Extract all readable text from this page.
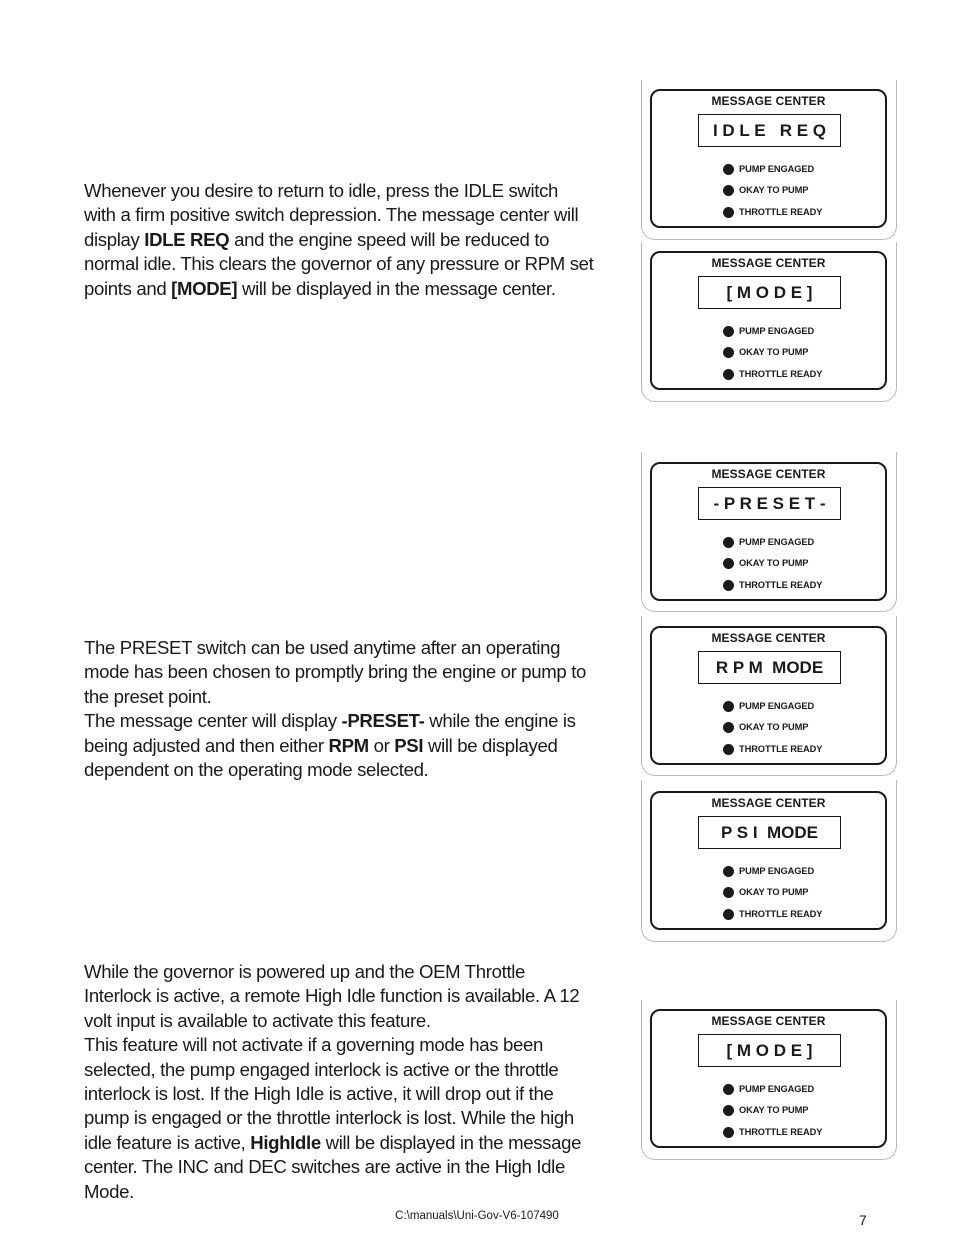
Whenever you desire to return to idle, press the IDLE switch with a firm positive switch depression. The message center will display IDLE REQ and the engine speed will be reduced to normal idle. This clears the governor of any pressure or RPM set points and [MODE] will be displayed in the message center.

The PRESET switch can be used anytime after an operating mode has been chosen to promptly bring the engine or pump to the preset point.

The message center will display -PRESET- while the engine is being adjusted and then either RPM or PSI will be displayed dependent on the operating mode selected.

While the governor is powered up and the OEM Throttle Interlock is active, a remote High Idle function is available. A 12 volt input is available to activate this feature.

This feature will not activate if a governing mode has been selected, the pump engaged interlock is active or the throttle interlock is lost. If the High Idle is active, it will drop out if the pump is engaged or the throttle interlock is lost. While the high idle feature is active, HighIdle will be displayed in the message center. The INC and DEC switches are active in the High Idle Mode.

MESSAGE CENTER
I D L E   R E Q
PUMP ENGAGED
OKAY TO PUMP
THROTTLE READY
MESSAGE CENTER
[ M O D E ]
PUMP ENGAGED
OKAY TO PUMP
THROTTLE READY
MESSAGE CENTER
- P R E S E T -
PUMP ENGAGED
OKAY TO PUMP
THROTTLE READY
MESSAGE CENTER
R P M  MODE
PUMP ENGAGED
OKAY TO PUMP
THROTTLE READY
MESSAGE CENTER
P S I  MODE
PUMP ENGAGED
OKAY TO PUMP
THROTTLE READY
MESSAGE CENTER
[ M O D E ]
PUMP ENGAGED
OKAY TO PUMP
THROTTLE READY
C:\manuals\Uni-Gov-V6-107490	7
